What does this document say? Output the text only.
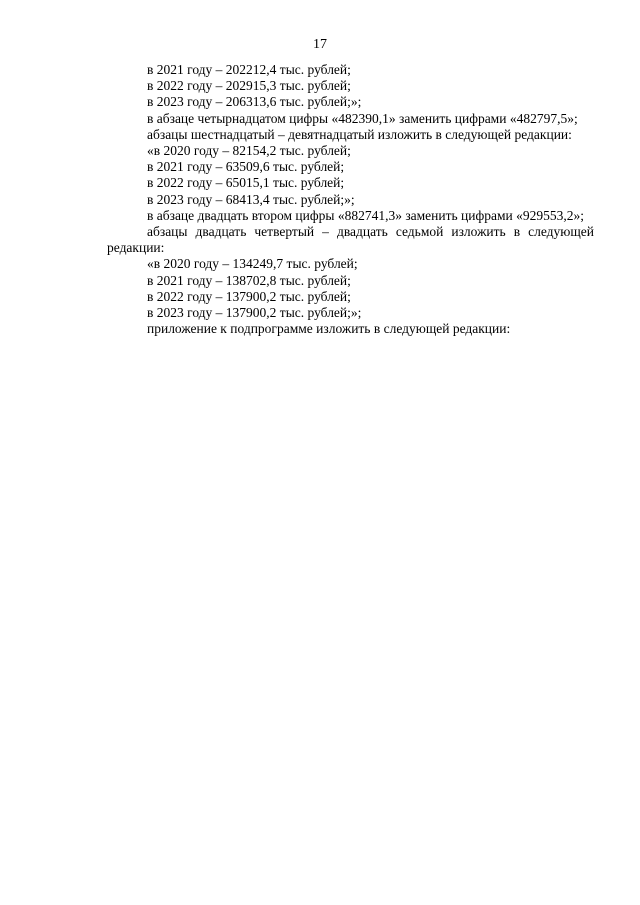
17

в 2021 году – 202212,4 тыс. рублей;

в 2022 году – 202915,3 тыс. рублей;

в 2023 году – 206313,6 тыс. рублей;»;

в абзаце четырнадцатом цифры «482390,1» заменить цифрами «482797,5»;

абзацы шестнадцатый – девятнадцатый изложить в следующей редакции:

«в 2020 году – 82154,2 тыс. рублей;

в 2021 году – 63509,6 тыс. рублей;

в 2022 году – 65015,1 тыс. рублей;

в 2023 году – 68413,4 тыс. рублей;»;

в абзаце двадцать втором цифры «882741,3» заменить цифрами «929553,2»;

абзацы двадцать четвертый – двадцать седьмой изложить в следующей редакции:

«в 2020 году – 134249,7 тыс. рублей;

в 2021 году – 138702,8 тыс. рублей;

в 2022 году – 137900,2 тыс. рублей;

в 2023 году – 137900,2 тыс. рублей;»;

приложение к подпрограмме изложить в следующей редакции:
